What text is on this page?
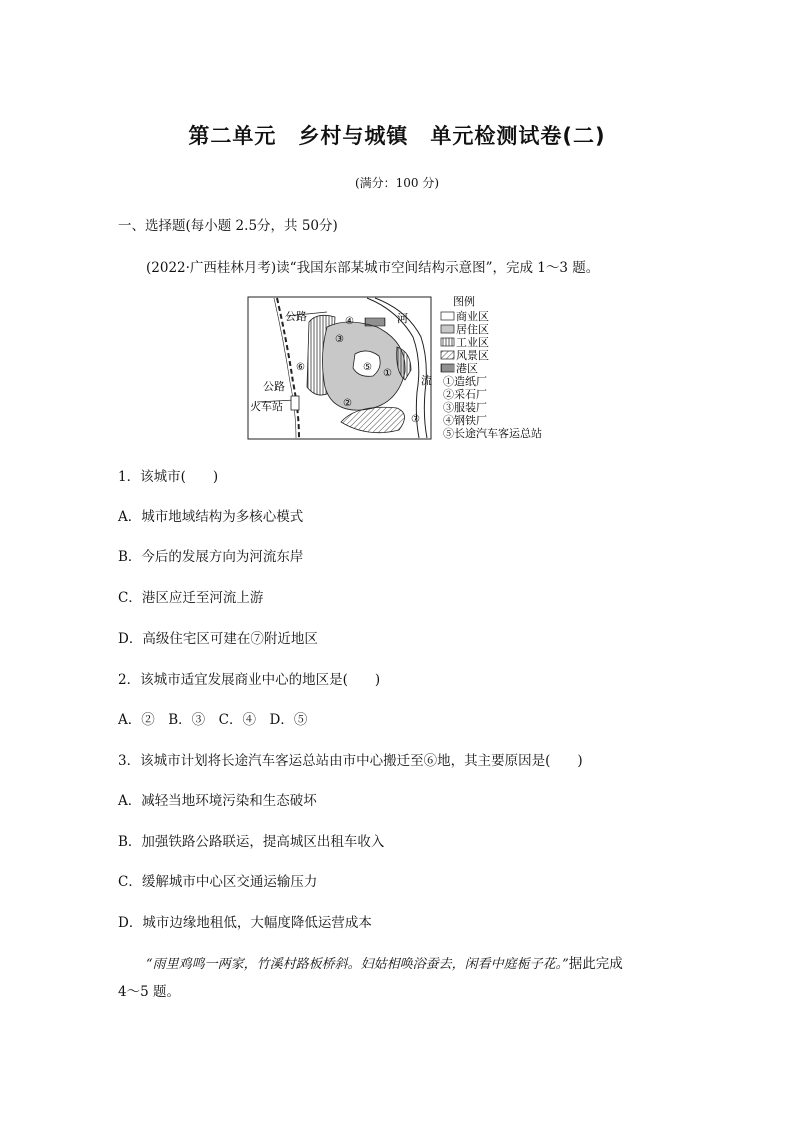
第二单元　乡村与城镇　单元检测试卷(二)
(满分：100 分)
一、选择题(每小题 2.5分，共 50分)
(2022·广西桂林月考)读“我国东部某城市空间结构示意图”，完成 1～3 题。
公路
公路
河
流
火车站
①
②
③
④
⑤
⑥
⑦
图例
商业区
居住区
工业区
风景区
港区
①造纸厂
②采石厂
③服装厂
④钢铁厂
⑤长途汽车客运总站
1．该城市(　　)
A．城市地域结构为多核心模式
B．今后的发展方向为河流东岸
C．港区应迁至河流上游
D．高级住宅区可建在⑦附近地区
2．该城市适宜发展商业中心的地区是(　　)
A．②　B．③　C．④　D．⑤
3．该城市计划将长途汽车客运总站由市中心搬迁至⑥地，其主要原因是(　　)
A．减轻当地环境污染和生态破坏
B．加强铁路公路联运，提高城区出租车收入
C．缓解城市中心区交通运输压力
D．城市边缘地租低，大幅度降低运营成本
“雨里鸡鸣一两家，竹溪村路板桥斜。妇姑相唤浴蚕去，闲看中庭栀子花。”据此完成
4～5 题。
